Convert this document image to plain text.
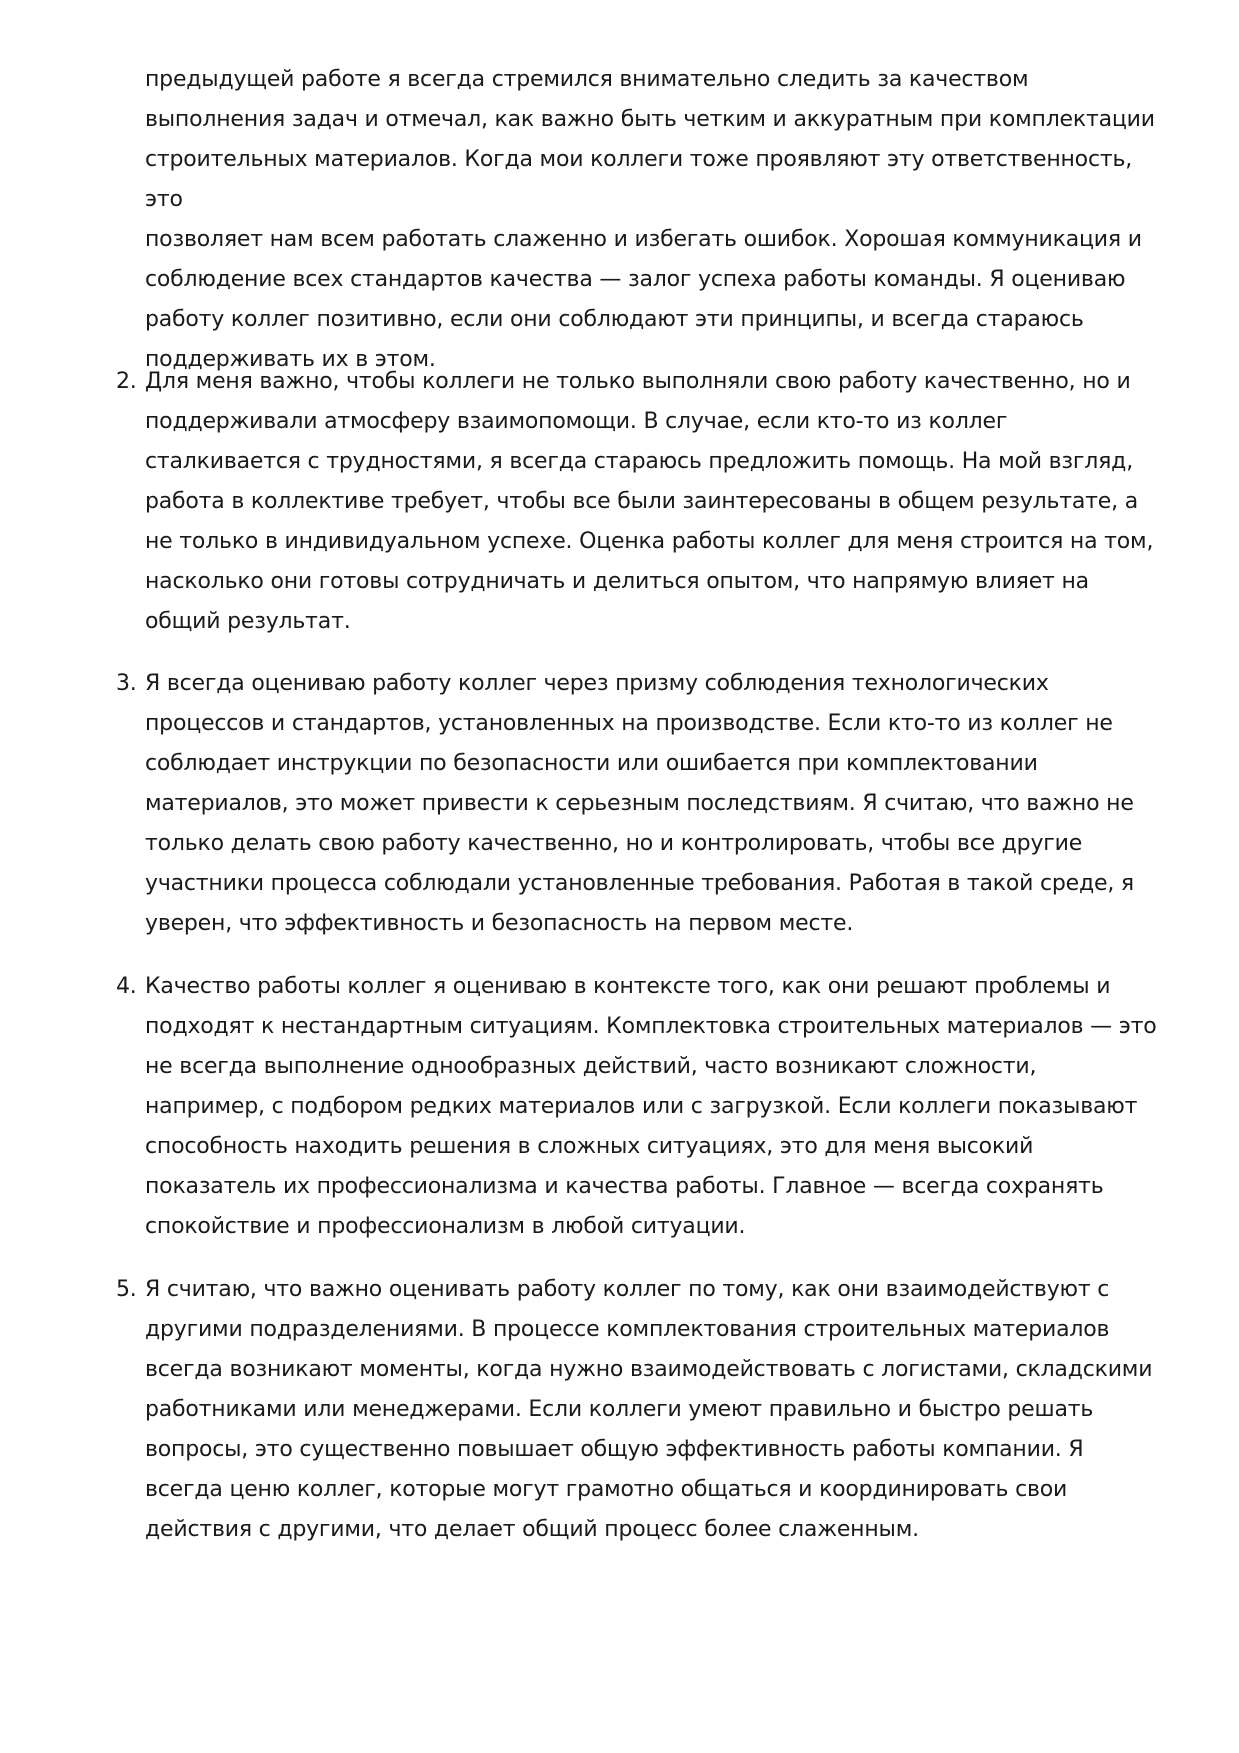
предыдущей работе я всегда стремился внимательно следить за качеством

выполнения задач и отмечал, как важно быть четким и аккуратным при комплектации

строительных материалов. Когда мои коллеги тоже проявляют эту ответственность, это

позволяет нам всем работать слаженно и избегать ошибок. Хорошая коммуникация и

соблюдение всех стандартов качества — залог успеха работы команды. Я оцениваю

работу коллег позитивно, если они соблюдают эти принципы, и всегда стараюсь

поддерживать их в этом.

2. Для меня важно, чтобы коллеги не только выполняли свою работу качественно, но и

поддерживали атмосферу взаимопомощи. В случае, если кто-то из коллег

сталкивается с трудностями, я всегда стараюсь предложить помощь. На мой взгляд,

работа в коллективе требует, чтобы все были заинтересованы в общем результате, а

не только в индивидуальном успехе. Оценка работы коллег для меня строится на том,

насколько они готовы сотрудничать и делиться опытом, что напрямую влияет на

общий результат.

3. Я всегда оцениваю работу коллег через призму соблюдения технологических

процессов и стандартов, установленных на производстве. Если кто-то из коллег не

соблюдает инструкции по безопасности или ошибается при комплектовании

материалов, это может привести к серьезным последствиям. Я считаю, что важно не

только делать свою работу качественно, но и контролировать, чтобы все другие

участники процесса соблюдали установленные требования. Работая в такой среде, я

уверен, что эффективность и безопасность на первом месте.

4. Качество работы коллег я оцениваю в контексте того, как они решают проблемы и

подходят к нестандартным ситуациям. Комплектовка строительных материалов — это

не всегда выполнение однообразных действий, часто возникают сложности,

например, с подбором редких материалов или с загрузкой. Если коллеги показывают

способность находить решения в сложных ситуациях, это для меня высокий

показатель их профессионализма и качества работы. Главное — всегда сохранять

спокойствие и профессионализм в любой ситуации.

5. Я считаю, что важно оценивать работу коллег по тому, как они взаимодействуют с

другими подразделениями. В процессе комплектования строительных материалов

всегда возникают моменты, когда нужно взаимодействовать с логистами, складскими

работниками или менеджерами. Если коллеги умеют правильно и быстро решать

вопросы, это существенно повышает общую эффективность работы компании. Я

всегда ценю коллег, которые могут грамотно общаться и координировать свои

действия с другими, что делает общий процесс более слаженным.
